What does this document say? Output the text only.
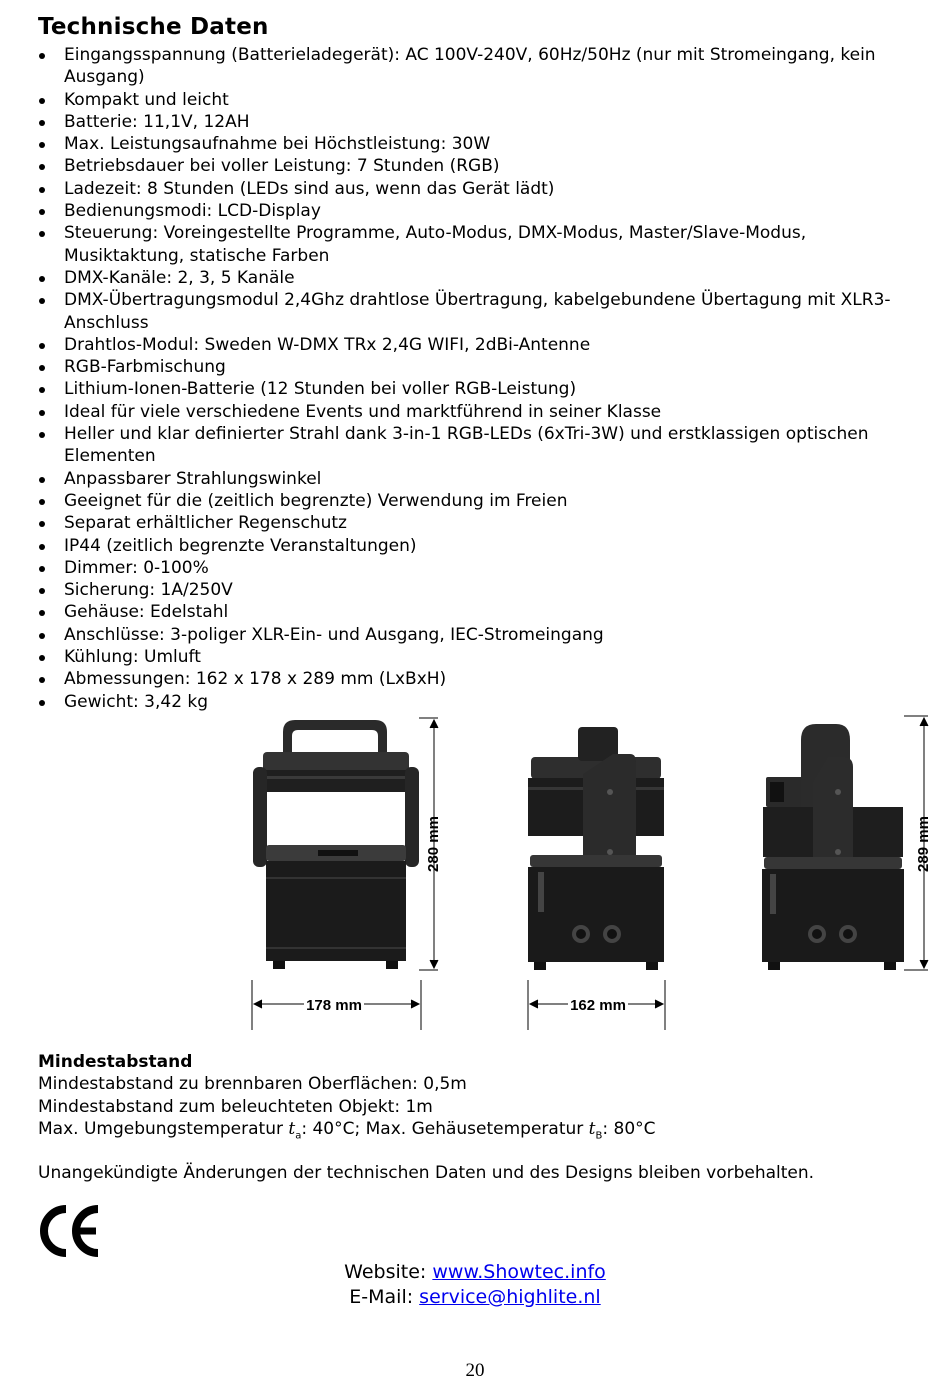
Technische Daten
Eingangsspannung (Batterieladegerät): AC 100V-240V, 60Hz/50Hz (nur mit Stromeingang, kein Ausgang)
Kompakt und leicht
Batterie: 11,1V, 12AH
Max. Leistungsaufnahme bei Höchstleistung: 30W
Betriebsdauer bei voller Leistung: 7 Stunden (RGB)
Ladezeit: 8 Stunden (LEDs sind aus, wenn das Gerät lädt)
Bedienungsmodi: LCD-Display
Steuerung: Voreingestellte Programme, Auto-Modus, DMX-Modus, Master/Slave-Modus, Musiktaktung, statische Farben
DMX-Kanäle: 2, 3, 5 Kanäle
DMX-Übertragungsmodul 2,4Ghz drahtlose Übertragung, kabelgebundene Übertagung mit XLR3-Anschluss
Drahtlos-Modul: Sweden W-DMX TRx 2,4G WIFI, 2dBi-Antenne
RGB-Farbmischung
Lithium-Ionen-Batterie (12 Stunden bei voller RGB-Leistung)
Ideal für viele verschiedene Events und marktführend in seiner Klasse
Heller und klar definierter Strahl dank 3-in-1 RGB-LEDs (6xTri-3W) und erstklassigen optischen Elementen
Anpassbarer Strahlungswinkel
Geeignet für die (zeitlich begrenzte) Verwendung im Freien
Separat erhältlicher Regenschutz
IP44 (zeitlich begrenzte Veranstaltungen)
Dimmer: 0-100%
Sicherung: 1A/250V
Gehäuse: Edelstahl
Anschlüsse: 3-poliger XLR-Ein- und Ausgang, IEC-Stromeingang
Kühlung: Umluft
Abmessungen: 162 x 178 x 289 mm (LxBxH)
Gewicht: 3,42 kg
280 mm
178 mm	162 mm
289 mm
Mindestabstand
Mindestabstand zu brennbaren Oberflächen: 0,5m
Mindestabstand zum beleuchteten Objekt: 1m
Max. Umgebungstemperatur $t_a$: 40°C; Max. Gehäusetemperatur $t_B$: 80°C
Unangekündigte Änderungen der technischen Daten und des Designs bleiben vorbehalten.
Website: www.Showtec.info
E-Mail: service@highlite.nl
20
